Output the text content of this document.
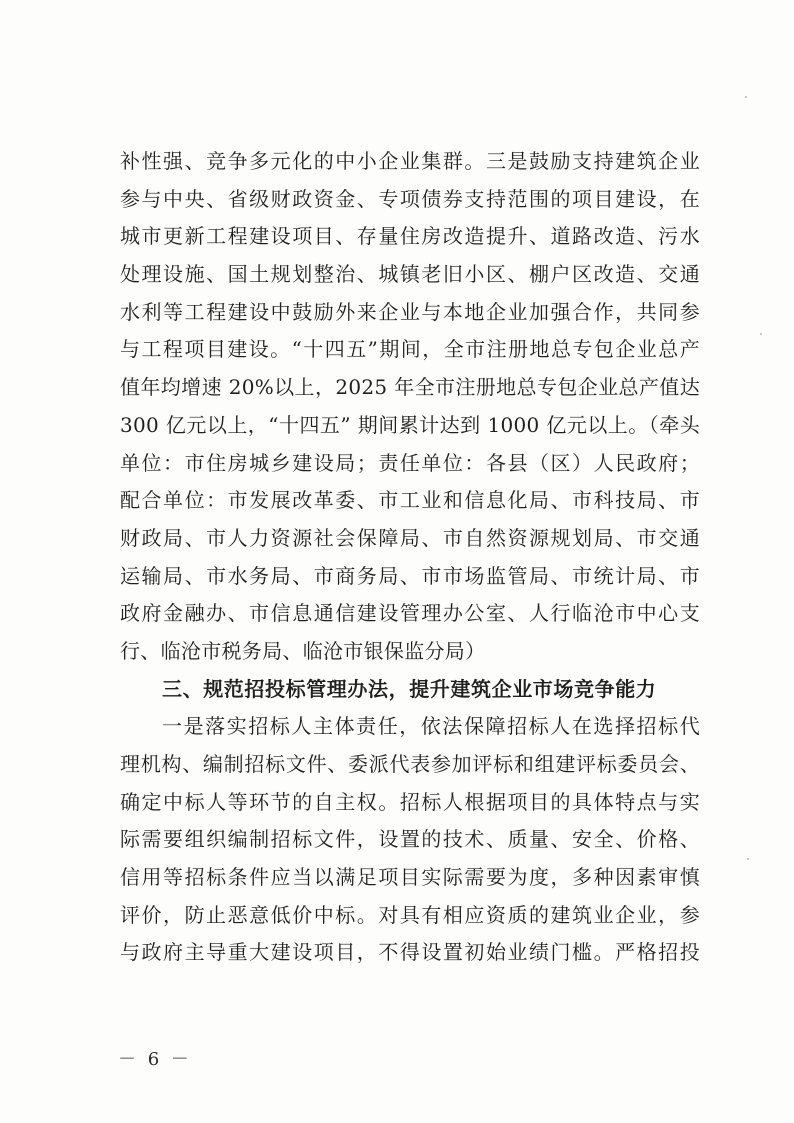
补性强、竞争多元化的中小企业集群。三是鼓励支持建筑企业
参与中央、省级财政资金、专项债券支持范围的项目建设，在
城市更新工程建设项目、存量住房改造提升、道路改造、污水
处理设施、国土规划整治、城镇老旧小区、棚户区改造、交通
水利等工程建设中鼓励外来企业与本地企业加强合作，共同参
与工程项目建设。“十四五”期间，全市注册地总专包企业总产
值年均增速 20%以上，2025 年全市注册地总专包企业总产值达
300 亿元以上，“十四五” 期间累计达到 1000 亿元以上。（牵头
单位：市住房城乡建设局；责任单位：各县（区）人民政府；
配合单位：市发展改革委、市工业和信息化局、市科技局、市
财政局、市人力资源社会保障局、市自然资源规划局、市交通
运输局、市水务局、市商务局、市市场监管局、市统计局、市
政府金融办、市信息通信建设管理办公室、人行临沧市中心支
行、临沧市税务局、临沧市银保监分局）
三、规范招投标管理办法，提升建筑企业市场竞争能力
一是落实招标人主体责任，依法保障招标人在选择招标代
理机构、编制招标文件、委派代表参加评标和组建评标委员会、
确定中标人等环节的自主权。招标人根据项目的具体特点与实
际需要组织编制招标文件，设置的技术、质量、安全、价格、
信用等招标条件应当以满足项目实际需要为度，多种因素审慎
评价，防止恶意低价中标。对具有相应资质的建筑业企业，参
与政府主导重大建设项目，不得设置初始业绩门槛。严格招投
－ 6 －
